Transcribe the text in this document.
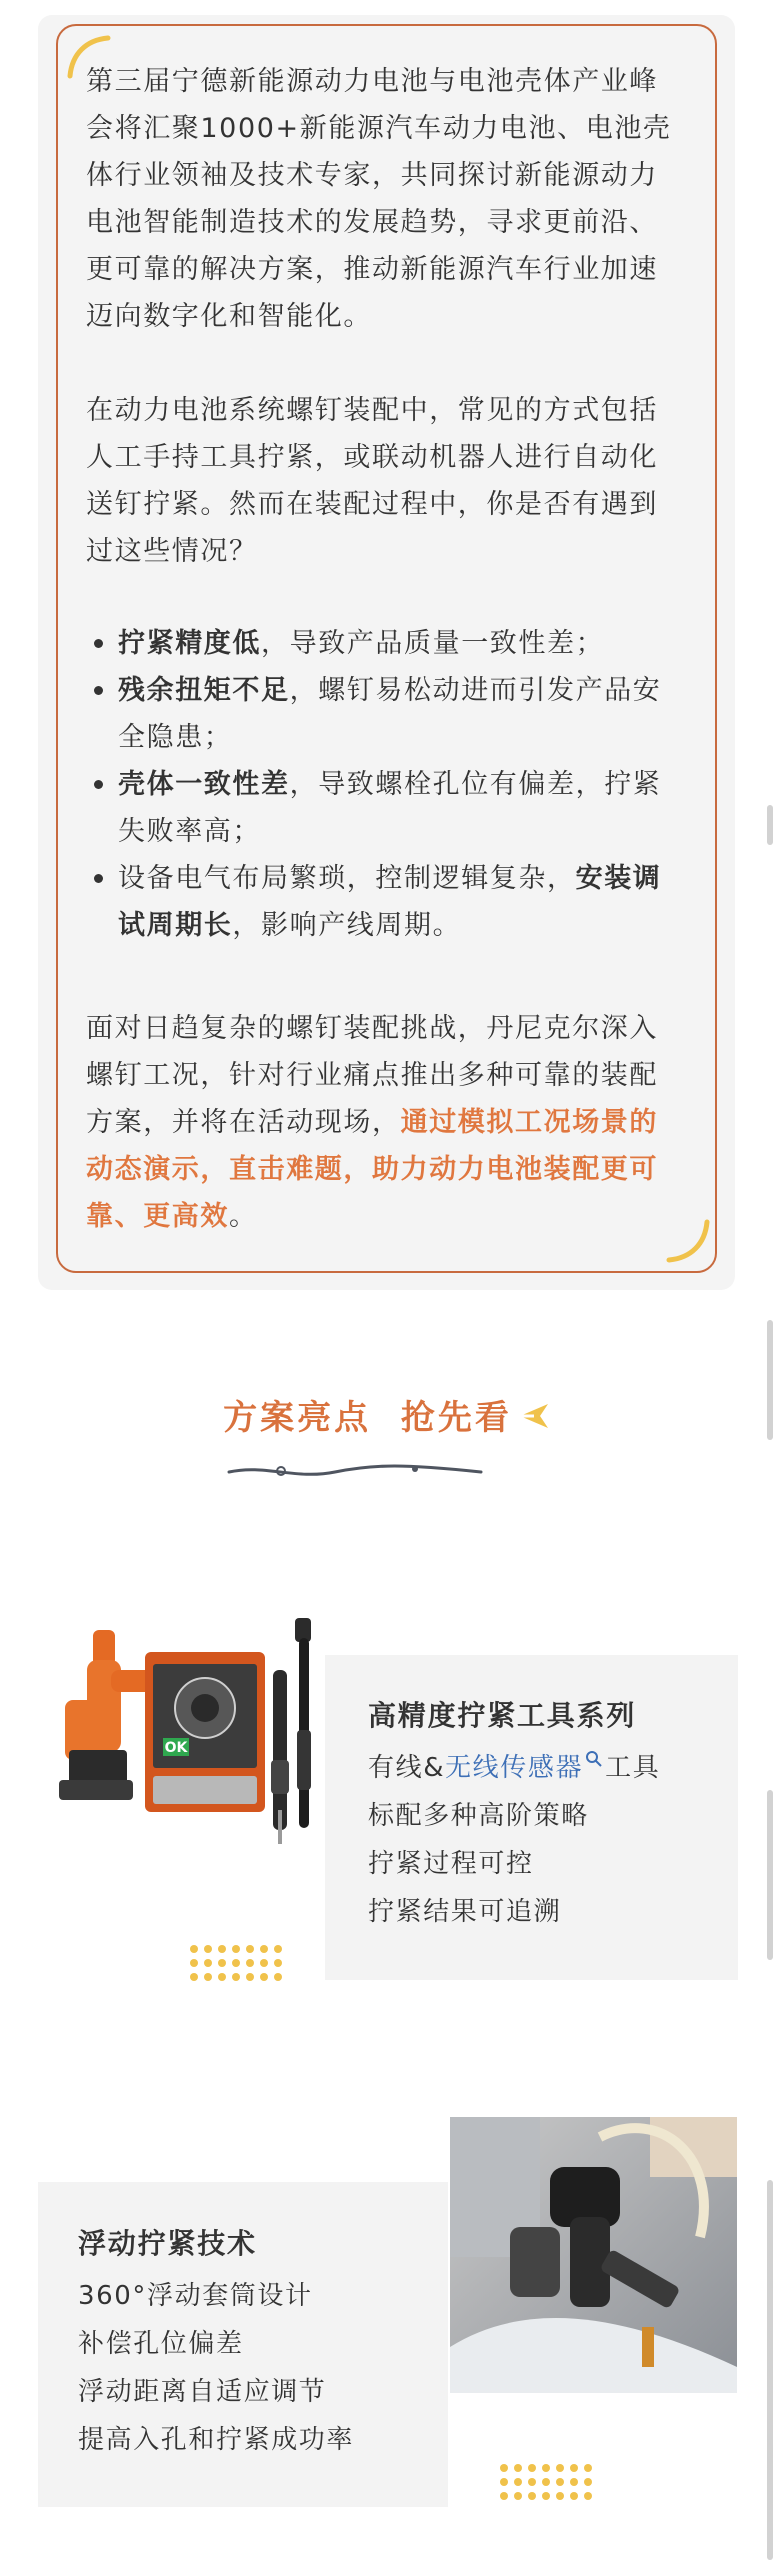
第三届宁德新能源动力电池与电池壳体产业峰会将汇聚1000+新能源汽车动力电池、电池壳体行业领袖及技术专家，共同探讨新能源动力电池智能制造技术的发展趋势，寻求更前沿、更可靠的解决方案，推动新能源汽车行业加速迈向数字化和智能化。

在动力电池系统螺钉装配中，常见的方式包括人工手持工具拧紧，或联动机器人进行自动化送钉拧紧。然而在装配过程中，你是否有遇到过这些情况？

拧紧精度低，导致产品质量一致性差；
残余扭矩不足，螺钉易松动进而引发产品安全隐患；
壳体一致性差，导致螺栓孔位有偏差，拧紧失败率高；
设备电气布局繁琐，控制逻辑复杂，安装调试周期长，影响产线周期。

面对日趋复杂的螺钉装配挑战，丹尼克尔深入螺钉工况，针对行业痛点推出多种可靠的装配方案，并将在活动现场，通过模拟工况场景的动态演示，直击难题，助力动力电池装配更可靠、更高效。

方案亮点  抢先看
OK
高精度拧紧工具系列
有线&无线传感器 工具
标配多种高阶策略
拧紧过程可控
拧紧结果可追溯
浮动拧紧技术
360°浮动套筒设计
补偿孔位偏差
浮动距离自适应调节
提高入孔和拧紧成功率
